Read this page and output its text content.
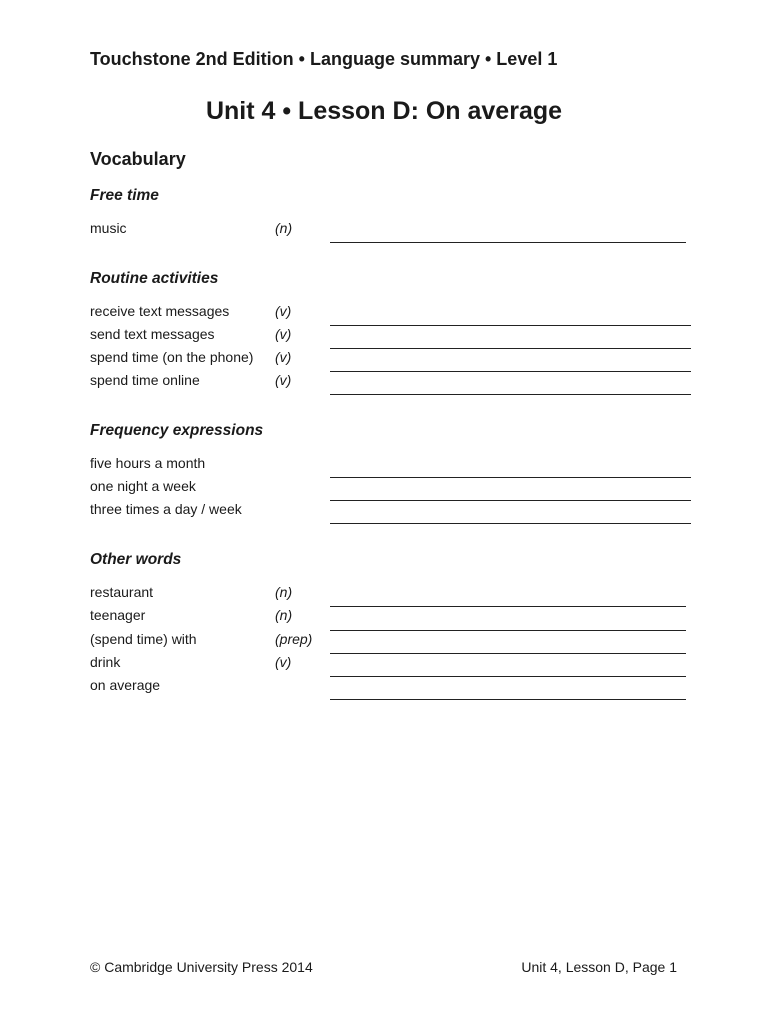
Touchstone 2nd Edition • Language summary • Level 1
Unit 4 • Lesson D: On average
Vocabulary
Free time
music	(n)
Routine activities
receive text messages	(v)
send text messages	(v)
spend time (on the phone) (v)
spend time online	(v)
Frequency expressions
five hours a month
one night a week
three times a day / week
Other words
restaurant	(n)
teenager	(n)
(spend time) with	(prep)
drink	(v)
on average
© Cambridge University Press 2014	Unit 4, Lesson D, Page 1
